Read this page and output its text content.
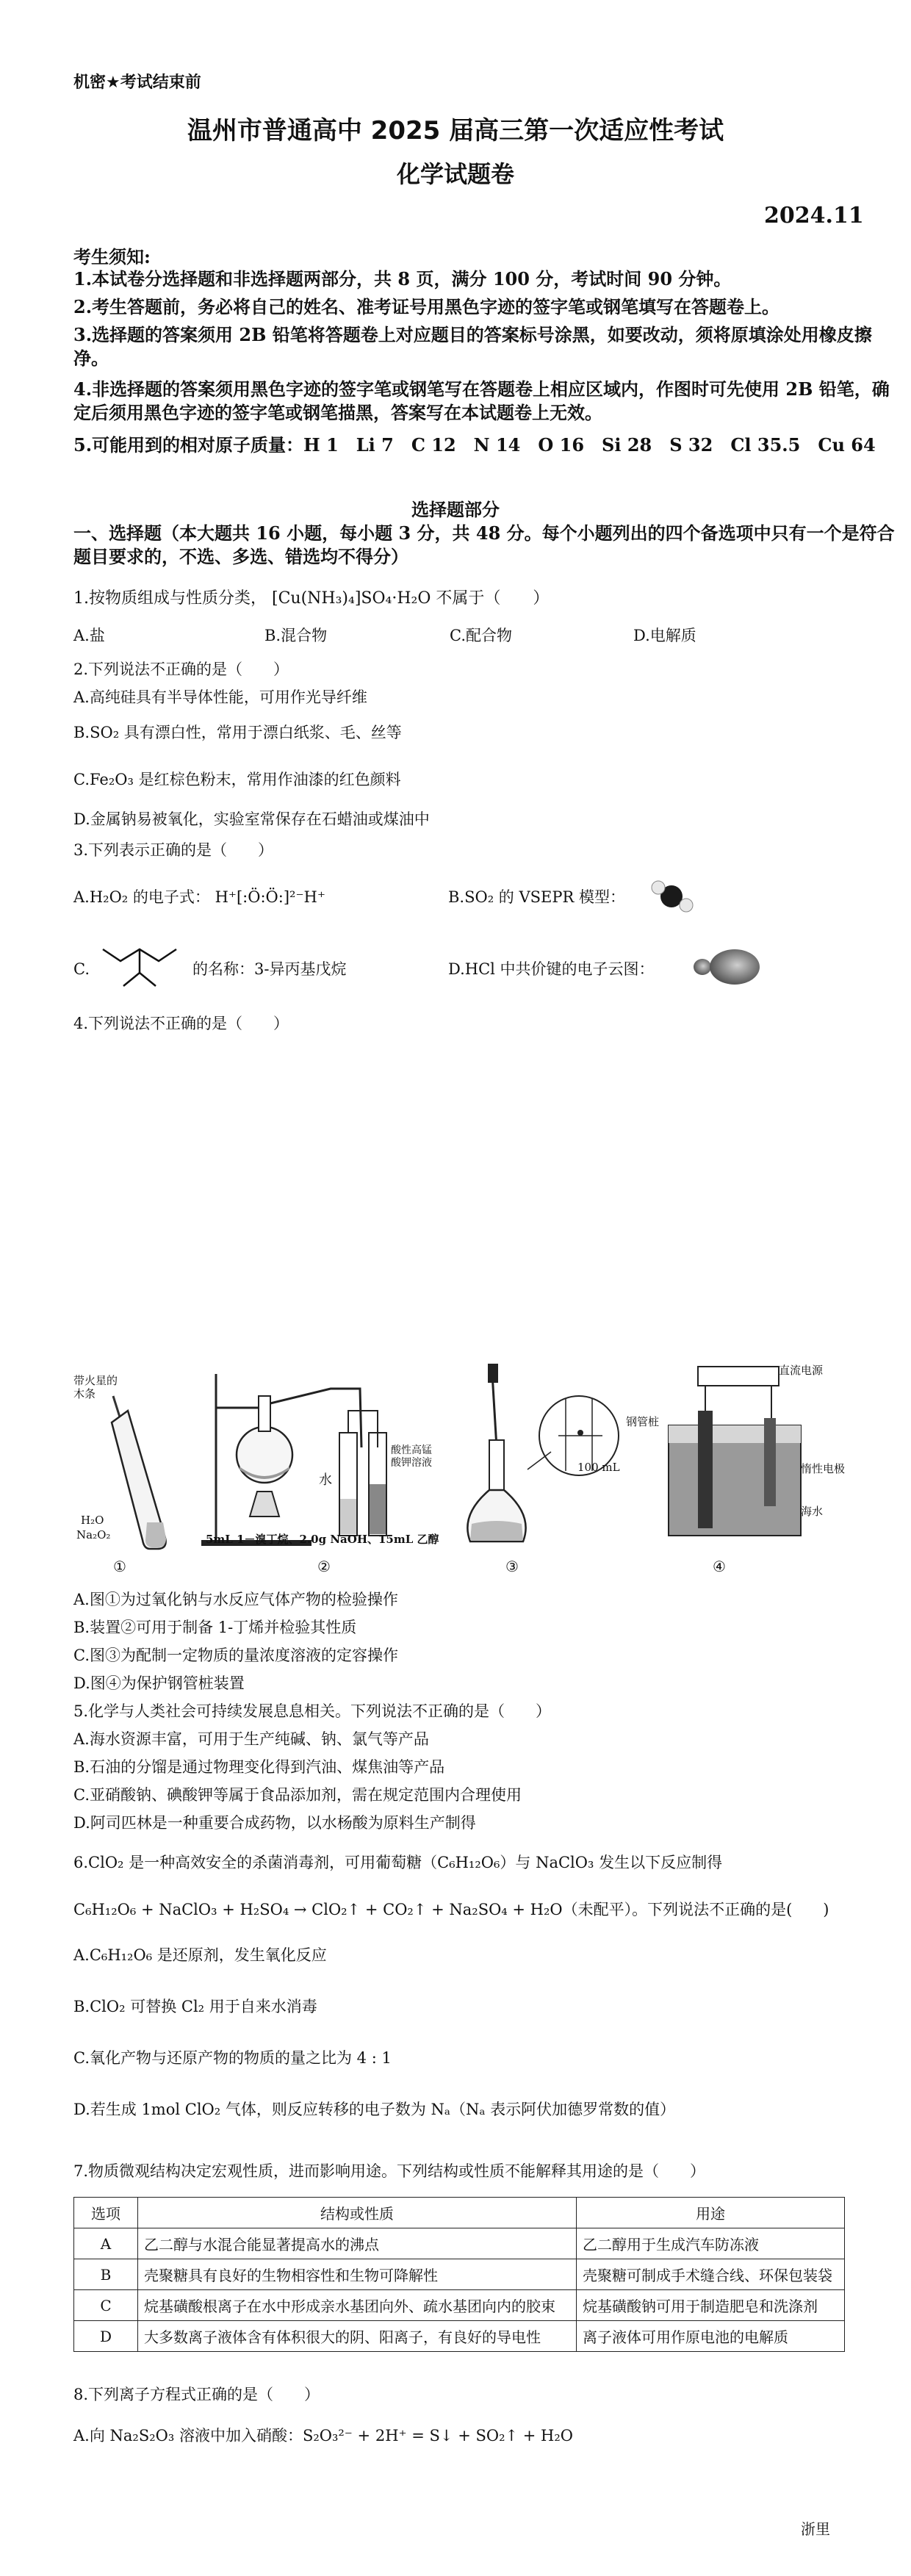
机密★考试结束前
温州市普通高中 2025 届高三第一次适应性考试
化学试题卷
2024.11
考生须知:
1.本试卷分选择题和非选择题两部分，共 8 页，满分 100 分，考试时间 90 分钟。
2.考生答题前，务必将自己的姓名、准考证号用黑色字迹的签字笔或钢笔填写在答题卷上。
3.选择题的答案须用 2B 铅笔将答题卷上对应题目的答案标号涂黑，如要改动，须将原填涂处用橡皮擦净。
4.非选择题的答案须用黑色字迹的签字笔或钢笔写在答题卷上相应区域内，作图时可先使用 2B 铅笔，确定后须用黑色字迹的签字笔或钢笔描黑，答案写在本试题卷上无效。
5.可能用到的相对原子质量：H 1　Li 7　C 12　N 14　O 16　Si 28　S 32　Cl 35.5　Cu 64
选择题部分
一、选择题（本大题共 16 小题，每小题 3 分，共 48 分。每个小题列出的四个备选项中只有一个是符合题目要求的，不选、多选、错选均不得分）
1.按物质组成与性质分类， [Cu(NH₃)₄]SO₄·H₂O 不属于（　　）
A.盐	B.混合物	C.配合物	D.电解质
2.下列说法不正确的是（　　）
A.高纯硅具有半导体性能，可用作光导纤维
B.SO₂ 具有漂白性，常用于漂白纸浆、毛、丝等
C.Fe₂O₃ 是红棕色粉末，常用作油漆的红色颜料
D.金属钠易被氧化，实验室常保存在石蜡油或煤油中
3.下列表示正确的是（　　）
A.H₂O₂ 的电子式： H⁺[:Ö:Ö:]²⁻H⁺	B.SO₂ 的 VSEPR 模型：
C.	的名称：3-异丙基戊烷	D.HCl 中共价键的电子云图：
4.下列说法不正确的是（　　）
带火星的木条
H₂O
Na₂O₂
水
酸性高锰酸钾溶液
5mL 1－溴丁烷、2.0g NaOH、15mL 乙醇
100 mL
直流电源
钢管桩
惰性电极
海水
①	②	③	④
A.图①为过氧化钠与水反应气体产物的检验操作
B.装置②可用于制备 1-丁烯并检验其性质
C.图③为配制一定物质的量浓度溶液的定容操作
D.图④为保护钢管桩装置
5.化学与人类社会可持续发展息息相关。下列说法不正确的是（　　）
A.海水资源丰富，可用于生产纯碱、钠、氯气等产品
B.石油的分馏是通过物理变化得到汽油、煤焦油等产品
C.亚硝酸钠、碘酸钾等属于食品添加剂，需在规定范围内合理使用
D.阿司匹林是一种重要合成药物，以水杨酸为原料生产制得
6.ClO₂ 是一种高效安全的杀菌消毒剂，可用葡萄糖（C₆H₁₂O₆）与 NaClO₃ 发生以下反应制得
C₆H₁₂O₆ + NaClO₃ + H₂SO₄ → ClO₂↑ + CO₂↑ + Na₂SO₄ + H₂O（未配平）。下列说法不正确的是(　　)
A.C₆H₁₂O₆ 是还原剂，发生氧化反应
B.ClO₂ 可替换 Cl₂ 用于自来水消毒
C.氧化产物与还原产物的物质的量之比为 4 : 1
D.若生成 1mol ClO₂ 气体，则反应转移的电子数为 Nₐ（Nₐ 表示阿伏加德罗常数的值）
7.物质微观结构决定宏观性质，进而影响用途。下列结构或性质不能解释其用途的是（　　）
选项	结构或性质	用途
A	乙二醇与水混合能显著提高水的沸点	乙二醇用于生成汽车防冻液
B	壳聚糖具有良好的生物相容性和生物可降解性	壳聚糖可制成手术缝合线、环保包装袋
C	烷基磺酸根离子在水中形成亲水基团向外、疏水基团向内的胶束	烷基磺酸钠可用于制造肥皂和洗涤剂
D	大多数离子液体含有体积很大的阴、阳离子，有良好的导电性	离子液体可用作原电池的电解质
8.下列离子方程式正确的是（　　）
A.向 Na₂S₂O₃ 溶液中加入硝酸：S₂O₃²⁻ + 2H⁺ = S↓ + SO₂↑ + H₂O
浙里
